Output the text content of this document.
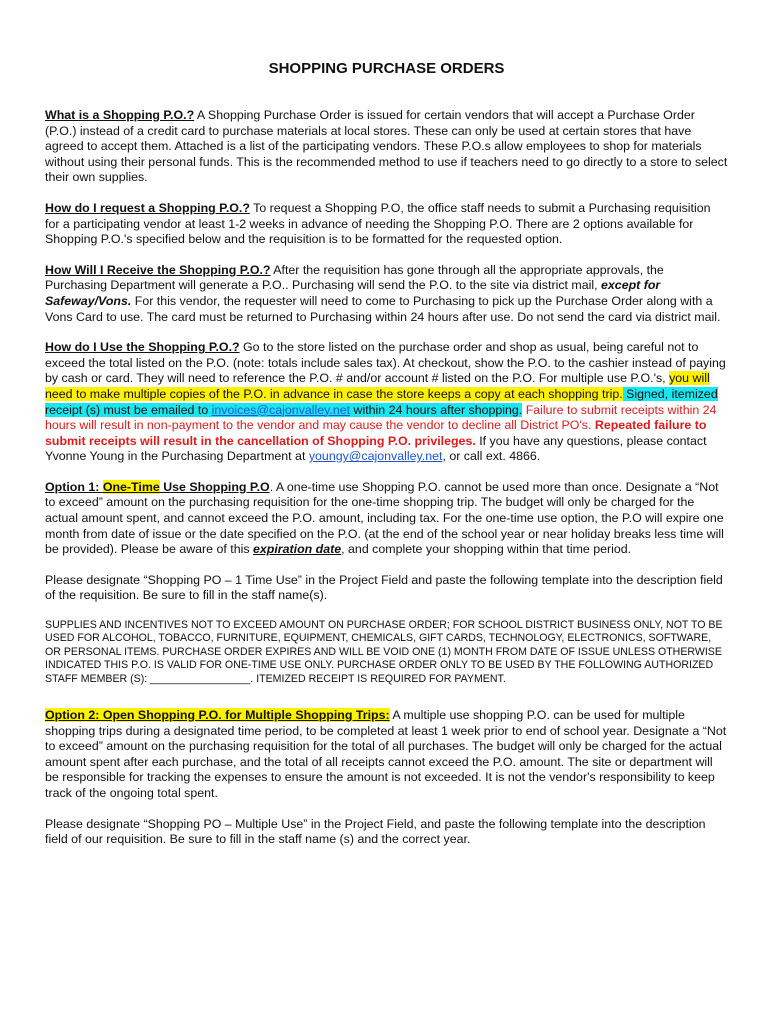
SHOPPING PURCHASE ORDERS

What is a Shopping P.O.? A Shopping Purchase Order is issued for certain vendors that will accept a Purchase Order (P.O.) instead of a credit card to purchase materials at local stores. These can only be used at certain stores that have agreed to accept them. Attached is a list of the participating vendors. These P.O.s allow employees to shop for materials without using their personal funds. This is the recommended method to use if teachers need to go directly to a store to select their own supplies.

How do I request a Shopping P.O.? To request a Shopping P.O, the office staff needs to submit a Purchasing requisition for a participating vendor at least 1-2 weeks in advance of needing the Shopping P.O. There are 2 options available for Shopping P.O.'s specified below and the requisition is to be formatted for the requested option.

How Will I Receive the Shopping P.O.? After the requisition has gone through all the appropriate approvals, the Purchasing Department will generate a P.O.. Purchasing will send the P.O. to the site via district mail, except for Safeway/Vons. For this vendor, the requester will need to come to Purchasing to pick up the Purchase Order along with a Vons Card to use. The card must be returned to Purchasing within 24 hours after use. Do not send the card via district mail.

How do I Use the Shopping P.O.? Go to the store listed on the purchase order and shop as usual, being careful not to exceed the total listed on the P.O. (note: totals include sales tax). At checkout, show the P.O. to the cashier instead of paying by cash or card. They will need to reference the P.O. # and/or account # listed on the P.O. For multiple use P.O.'s, you will need to make multiple copies of the P.O. in advance in case the store keeps a copy at each shopping trip. Signed, itemized receipt (s) must be emailed to invoices@cajonvalley.net within 24 hours after shopping. Failure to submit receipts within 24 hours will result in non-payment to the vendor and may cause the vendor to decline all District PO's. Repeated failure to submit receipts will result in the cancellation of Shopping P.O. privileges. If you have any questions, please contact Yvonne Young in the Purchasing Department at youngy@cajonvalley.net, or call ext. 4866.

Option 1: One-Time Use Shopping P.O. A one-time use Shopping P.O. cannot be used more than once. Designate a “Not to exceed” amount on the purchasing requisition for the one-time shopping trip. The budget will only be charged for the actual amount spent, and cannot exceed the P.O. amount, including tax. For the one-time use option, the P.O will expire one month from date of issue or the date specified on the P.O. (at the end of the school year or near holiday breaks less time will be provided). Please be aware of this expiration date, and complete your shopping within that time period.

Please designate “Shopping PO – 1 Time Use” in the Project Field and paste the following template into the description field of the requisition. Be sure to fill in the staff name(s).

SUPPLIES AND INCENTIVES NOT TO EXCEED AMOUNT ON PURCHASE ORDER; FOR SCHOOL DISTRICT BUSINESS ONLY, NOT TO BE USED FOR ALCOHOL, TOBACCO, FURNITURE, EQUIPMENT, CHEMICALS, GIFT CARDS, TECHNOLOGY, ELECTRONICS, SOFTWARE, OR PERSONAL ITEMS. PURCHASE ORDER EXPIRES AND WILL BE VOID ONE (1) MONTH FROM DATE OF ISSUE UNLESS OTHERWISE INDICATED THIS P.O. IS VALID FOR ONE-TIME USE ONLY. PURCHASE ORDER ONLY TO BE USED BY THE FOLLOWING AUTHORIZED STAFF MEMBER (S): _________________. ITEMIZED RECEIPT IS REQUIRED FOR PAYMENT.

Option 2: Open Shopping P.O. for Multiple Shopping Trips: A multiple use shopping P.O. can be used for multiple shopping trips during a designated time period, to be completed at least 1 week prior to end of school year. Designate a “Not to exceed” amount on the purchasing requisition for the total of all purchases. The budget will only be charged for the actual amount spent after each purchase, and the total of all receipts cannot exceed the P.O. amount. The site or department will be responsible for tracking the expenses to ensure the amount is not exceeded. It is not the vendor's responsibility to keep track of the ongoing total spent.

Please designate “Shopping PO – Multiple Use” in the Project Field, and paste the following template into the description field of our requisition. Be sure to fill in the staff name (s) and the correct year.
